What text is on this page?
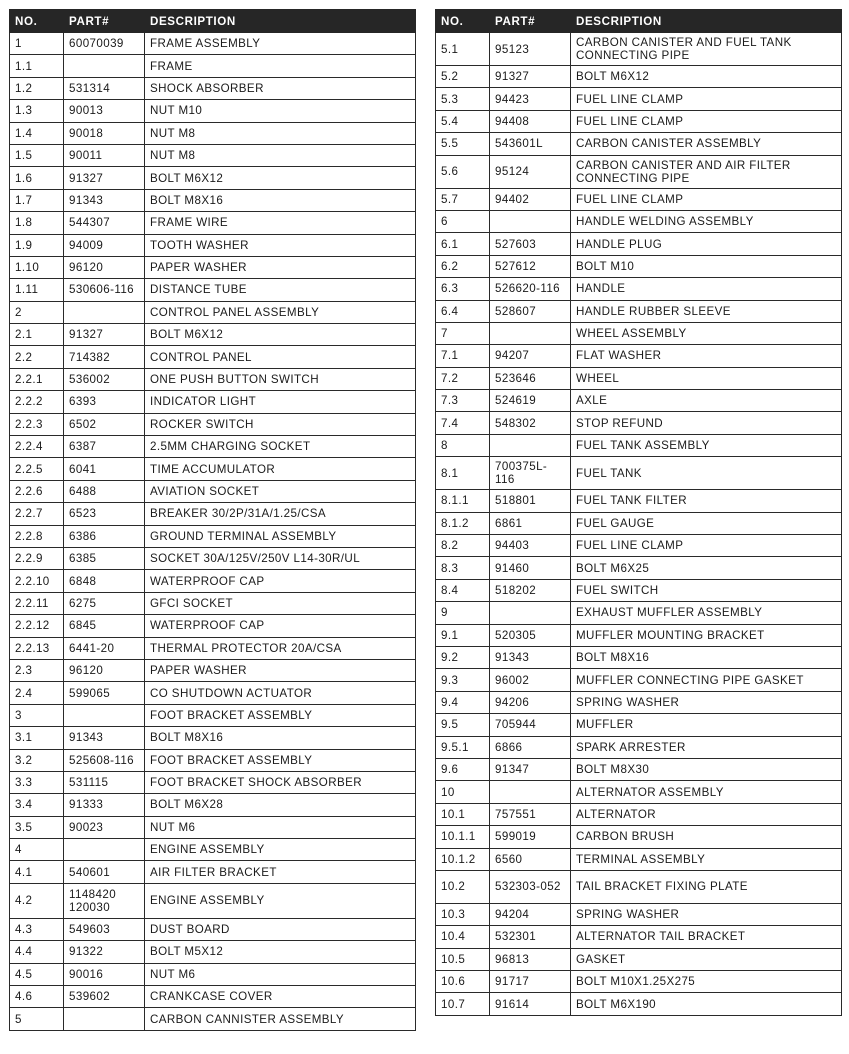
NO.	PART#	DESCRIPTION
1	60070039	FRAME ASSEMBLY
1.1		FRAME
1.2	531314	SHOCK ABSORBER
1.3	90013	NUT M10
1.4	90018	NUT M8
1.5	90011	NUT M8
1.6	91327	BOLT M6X12
1.7	91343	BOLT M8X16
1.8	544307	FRAME WIRE
1.9	94009	TOOTH WASHER
1.10	96120	PAPER WASHER
1.11	530606-116	DISTANCE TUBE
2		CONTROL PANEL ASSEMBLY
2.1	91327	BOLT M6X12
2.2	714382	CONTROL PANEL
2.2.1	536002	ONE PUSH BUTTON SWITCH
2.2.2	6393	INDICATOR LIGHT
2.2.3	6502	ROCKER SWITCH
2.2.4	6387	2.5MM CHARGING SOCKET
2.2.5	6041	TIME ACCUMULATOR
2.2.6	6488	AVIATION SOCKET
2.2.7	6523	BREAKER 30/2P/31A/1.25/CSA
2.2.8	6386	GROUND TERMINAL ASSEMBLY
2.2.9	6385	SOCKET 30A/125V/250V L14-30R/UL
2.2.10	6848	WATERPROOF CAP
2.2.11	6275	GFCI SOCKET
2.2.12	6845	WATERPROOF CAP
2.2.13	6441-20	THERMAL PROTECTOR 20A/CSA
2.3	96120	PAPER WASHER
2.4	599065	CO SHUTDOWN ACTUATOR
3		FOOT BRACKET ASSEMBLY
3.1	91343	BOLT M8X16
3.2	525608-116	FOOT BRACKET ASSEMBLY
3.3	531115	FOOT BRACKET SHOCK ABSORBER
3.4	91333	BOLT M6X28
3.5	90023	NUT M6
4		ENGINE ASSEMBLY
4.1	540601	AIR FILTER BRACKET
4.2	1148420 120030	ENGINE ASSEMBLY
4.3	549603	DUST BOARD
4.4	91322	BOLT M5X12
4.5	90016	NUT M6
4.6	539602	CRANKCASE COVER
5		CARBON CANNISTER ASSEMBLY
NO.	PART#	DESCRIPTION
5.1	95123	CARBON CANISTER AND FUEL TANK CONNECTING PIPE
5.2	91327	BOLT M6X12
5.3	94423	FUEL LINE CLAMP
5.4	94408	FUEL LINE CLAMP
5.5	543601L	CARBON CANISTER ASSEMBLY
5.6	95124	CARBON CANISTER AND AIR FILTER CONNECTING PIPE
5.7	94402	FUEL LINE CLAMP
6		HANDLE WELDING ASSEMBLY
6.1	527603	HANDLE PLUG
6.2	527612	BOLT M10
6.3	526620-116	HANDLE
6.4	528607	HANDLE RUBBER SLEEVE
7		WHEEL ASSEMBLY
7.1	94207	FLAT WASHER
7.2	523646	WHEEL
7.3	524619	AXLE
7.4	548302	STOP REFUND
8		FUEL TANK ASSEMBLY
8.1	700375L-116	FUEL TANK
8.1.1	518801	FUEL TANK FILTER
8.1.2	6861	FUEL GAUGE
8.2	94403	FUEL LINE CLAMP
8.3	91460	BOLT M6X25
8.4	518202	FUEL SWITCH
9		EXHAUST MUFFLER ASSEMBLY
9.1	520305	MUFFLER MOUNTING BRACKET
9.2	91343	BOLT M8X16
9.3	96002	MUFFLER CONNECTING PIPE GASKET
9.4	94206	SPRING WASHER
9.5	705944	MUFFLER
9.5.1	6866	SPARK ARRESTER
9.6	91347	BOLT M8X30
10		ALTERNATOR ASSEMBLY
10.1	757551	ALTERNATOR
10.1.1	599019	CARBON BRUSH
10.1.2	6560	TERMINAL ASSEMBLY
10.2	532303-052	TAIL BRACKET FIXING PLATE
10.3	94204	SPRING WASHER
10.4	532301	ALTERNATOR TAIL BRACKET
10.5	96813	GASKET
10.6	91717	BOLT M10X1.25X275
10.7	91614	BOLT M6X190
